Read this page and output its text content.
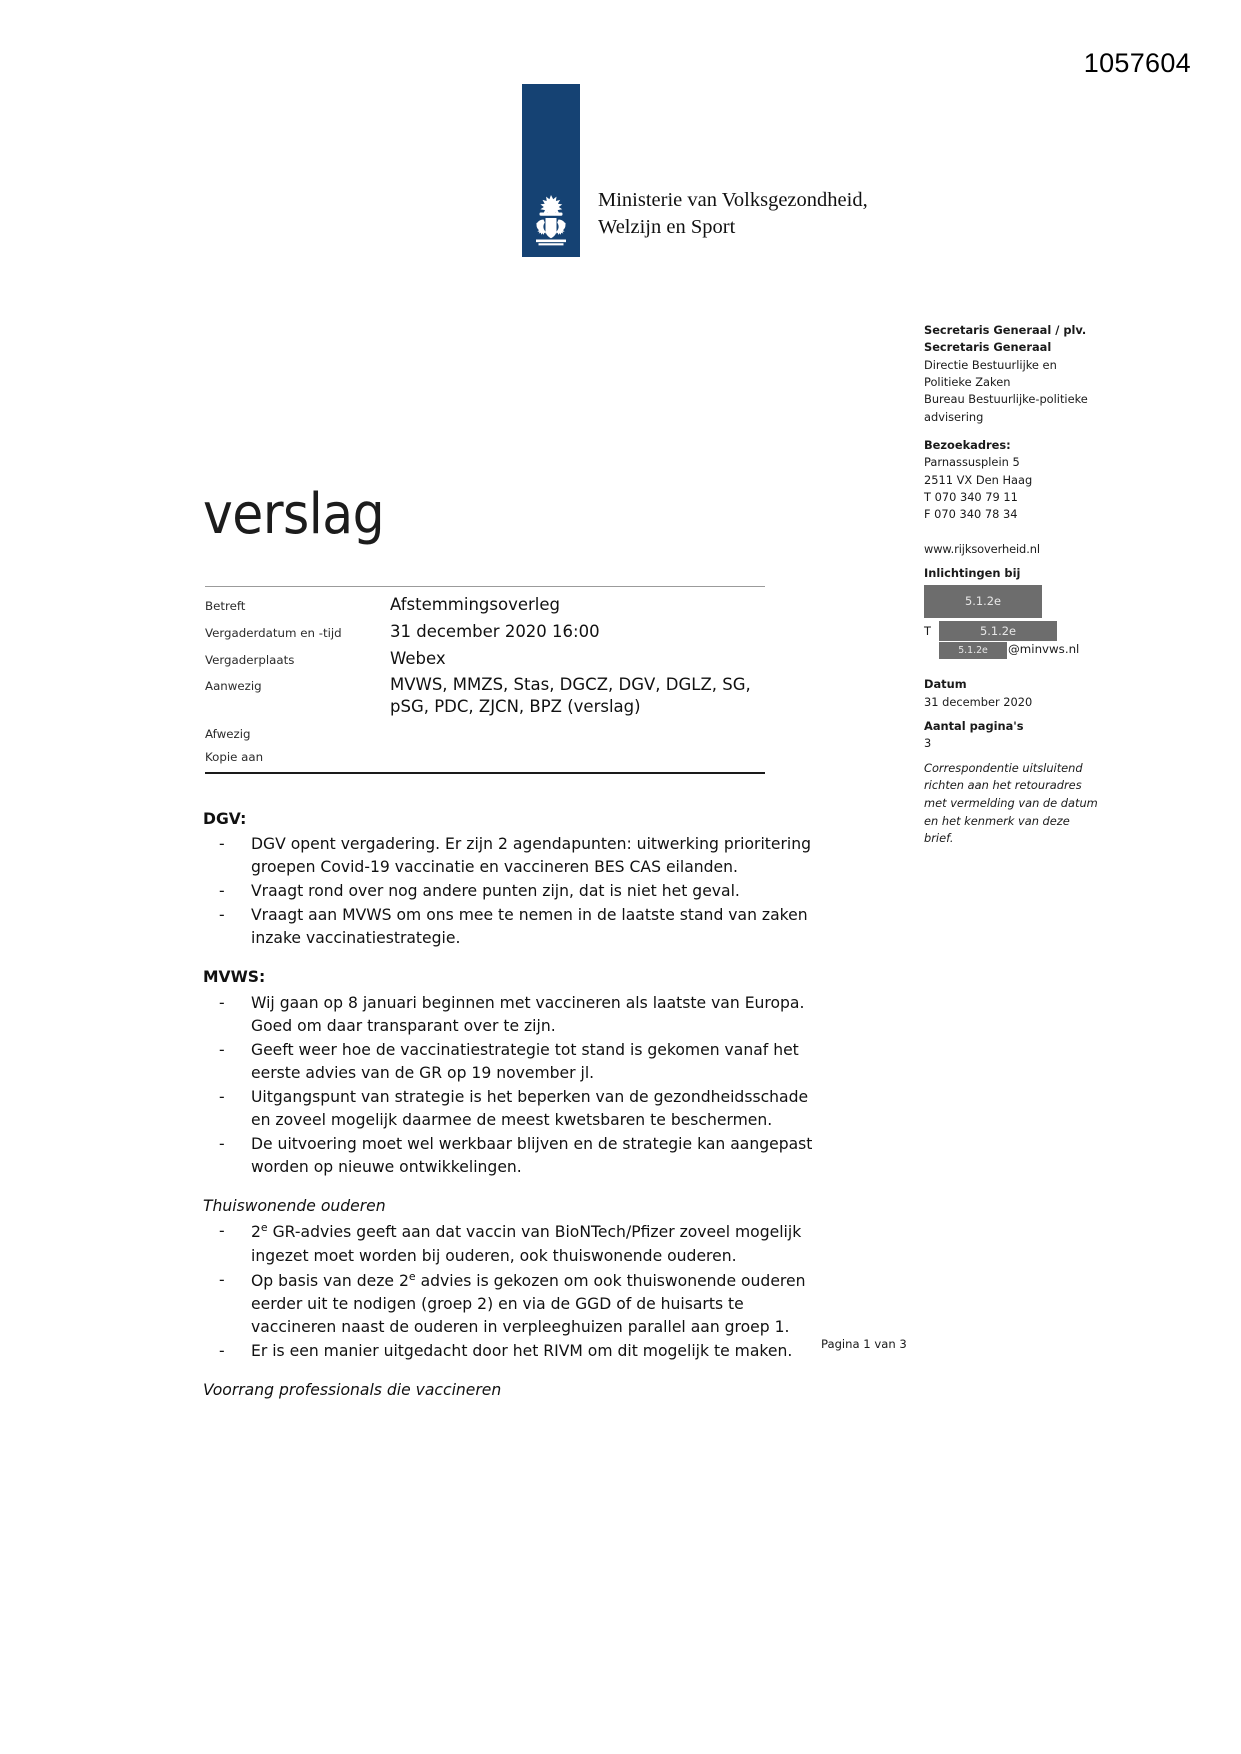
1057604
Ministerie van Volksgezondheid,
Welzijn en Sport
Secretaris Generaal / plv.
Secretaris Generaal
Directie Bestuurlijke en
Politieke Zaken
Bureau Bestuurlijke-politieke
advisering
Bezoekadres:
Parnassusplein 5
2511 VX Den Haag
T 070 340 79 11
F 070 340 78 34
www.rijksoverheid.nl
Inlichtingen bij
5.1.2e
T	5.1.2e
5.1.2e	@minvws.nl
Datum
31 december 2020
Aantal pagina's
3
Correspondentie uitsluitend
richten aan het retouradres
met vermelding van de datum
en het kenmerk van deze
brief.
verslag
Betreft	Afstemmingsoverleg
Vergaderdatum en -tijd	31 december 2020 16:00
Vergaderplaats	Webex
Aanwezig	MVWS, MMZS, Stas, DGCZ, DGV, DGLZ, SG, pSG, PDC, ZJCN, BPZ (verslag)
Afwezig
Kopie aan
DGV:
- DGV opent vergadering. Er zijn 2 agendapunten: uitwerking prioritering groepen Covid-19 vaccinatie en vaccineren BES CAS eilanden.
- Vraagt rond over nog andere punten zijn, dat is niet het geval.
- Vraagt aan MVWS om ons mee te nemen in de laatste stand van zaken inzake vaccinatiestrategie.
MVWS:
- Wij gaan op 8 januari beginnen met vaccineren als laatste van Europa. Goed om daar transparant over te zijn.
- Geeft weer hoe de vaccinatiestrategie tot stand is gekomen vanaf het eerste advies van de GR op 19 november jl.
- Uitgangspunt van strategie is het beperken van de gezondheidsschade en zoveel mogelijk daarmee de meest kwetsbaren te beschermen.
- De uitvoering moet wel werkbaar blijven en de strategie kan aangepast worden op nieuwe ontwikkelingen.
Thuiswonende ouderen
- 2e GR-advies geeft aan dat vaccin van BioNTech/Pfizer zoveel mogelijk ingezet moet worden bij ouderen, ook thuiswonende ouderen.
- Op basis van deze 2e advies is gekozen om ook thuiswonende ouderen eerder uit te nodigen (groep 2) en via de GGD of de huisarts te vaccineren naast de ouderen in verpleeghuizen parallel aan groep 1.
- Er is een manier uitgedacht door het RIVM om dit mogelijk te maken.
Voorrang professionals die vaccineren
Pagina 1 van 3
